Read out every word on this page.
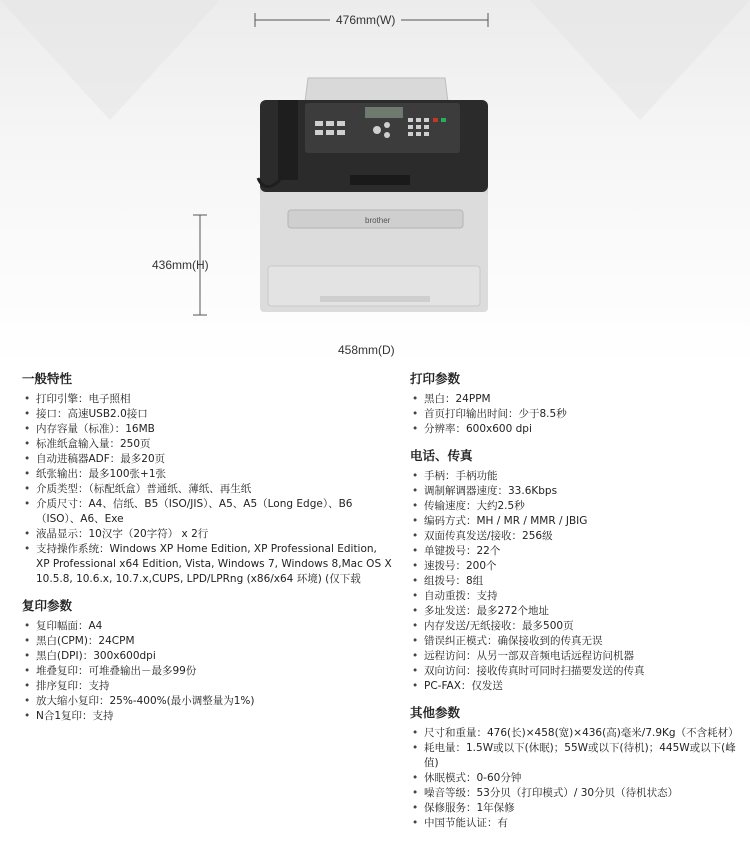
476mm(W)
436mm(H)
458mm(D)
brother
一般特性
• 打印引擎：电子照相
• 接口：高速USB2.0接口
• 内存容量（标准）：16MB
• 标准纸盒输入量：250页
• 自动进稿器ADF：最多20页
• 纸张输出：最多100张+1张
• 介质类型：（标配纸盒）普通纸、薄纸、再生纸
• 介质尺寸：A4、信纸、B5（ISO/JIS）、A5、A5（Long Edge）、B6（ISO）、A6、Exe
• 液晶显示：10汉字（20字符） x 2行
• 支持操作系统：Windows XP Home Edition, XP Professional Edition, XP Professional x64 Edition, Vista, Windows 7, Windows 8,Mac OS X 10.5.8, 10.6.x, 10.7.x,CUPS, LPD/LPRng (x86/x64 环境) (仅下载
复印参数
• 复印幅面：A4
• 黑白(CPM)：24CPM
• 黑白(DPI)：300x600dpi
• 堆叠复印：可堆叠输出－最多99份
• 排序复印：支持
• 放大缩小复印：25%-400%(最小调整量为1%)
• N合1复印：支持
打印参数
• 黑白：24PPM
• 首页打印输出时间：少于8.5秒
• 分辨率：600x600 dpi
电话、传真
• 手柄：手柄功能
• 调制解调器速度：33.6Kbps
• 传输速度：大约2.5秒
• 编码方式：MH / MR / MMR / JBIG
• 双面传真发送/接收：256级
• 单键拨号：22个
• 速拨号：200个
• 组拨号：8组
• 自动重拨：支持
• 多址发送：最多272个地址
• 内存发送/无纸接收：最多500页
• 错误纠正模式：确保接收到的传真无误
• 远程访问：从另一部双音频电话远程访问机器
• 双向访问：接收传真时可同时扫描要发送的传真
• PC-FAX：仅发送
其他参数
• 尺寸和重量：476(长)×458(宽)×436(高)毫米/7.9Kg（不含耗材）
• 耗电量：1.5W或以下(休眠)；55W或以下(待机)；445W或以下(峰值)
• 休眠模式：0-60分钟
• 噪音等级：53分贝（打印模式）/ 30分贝（待机状态）
• 保修服务：1年保修
• 中国节能认证：有
